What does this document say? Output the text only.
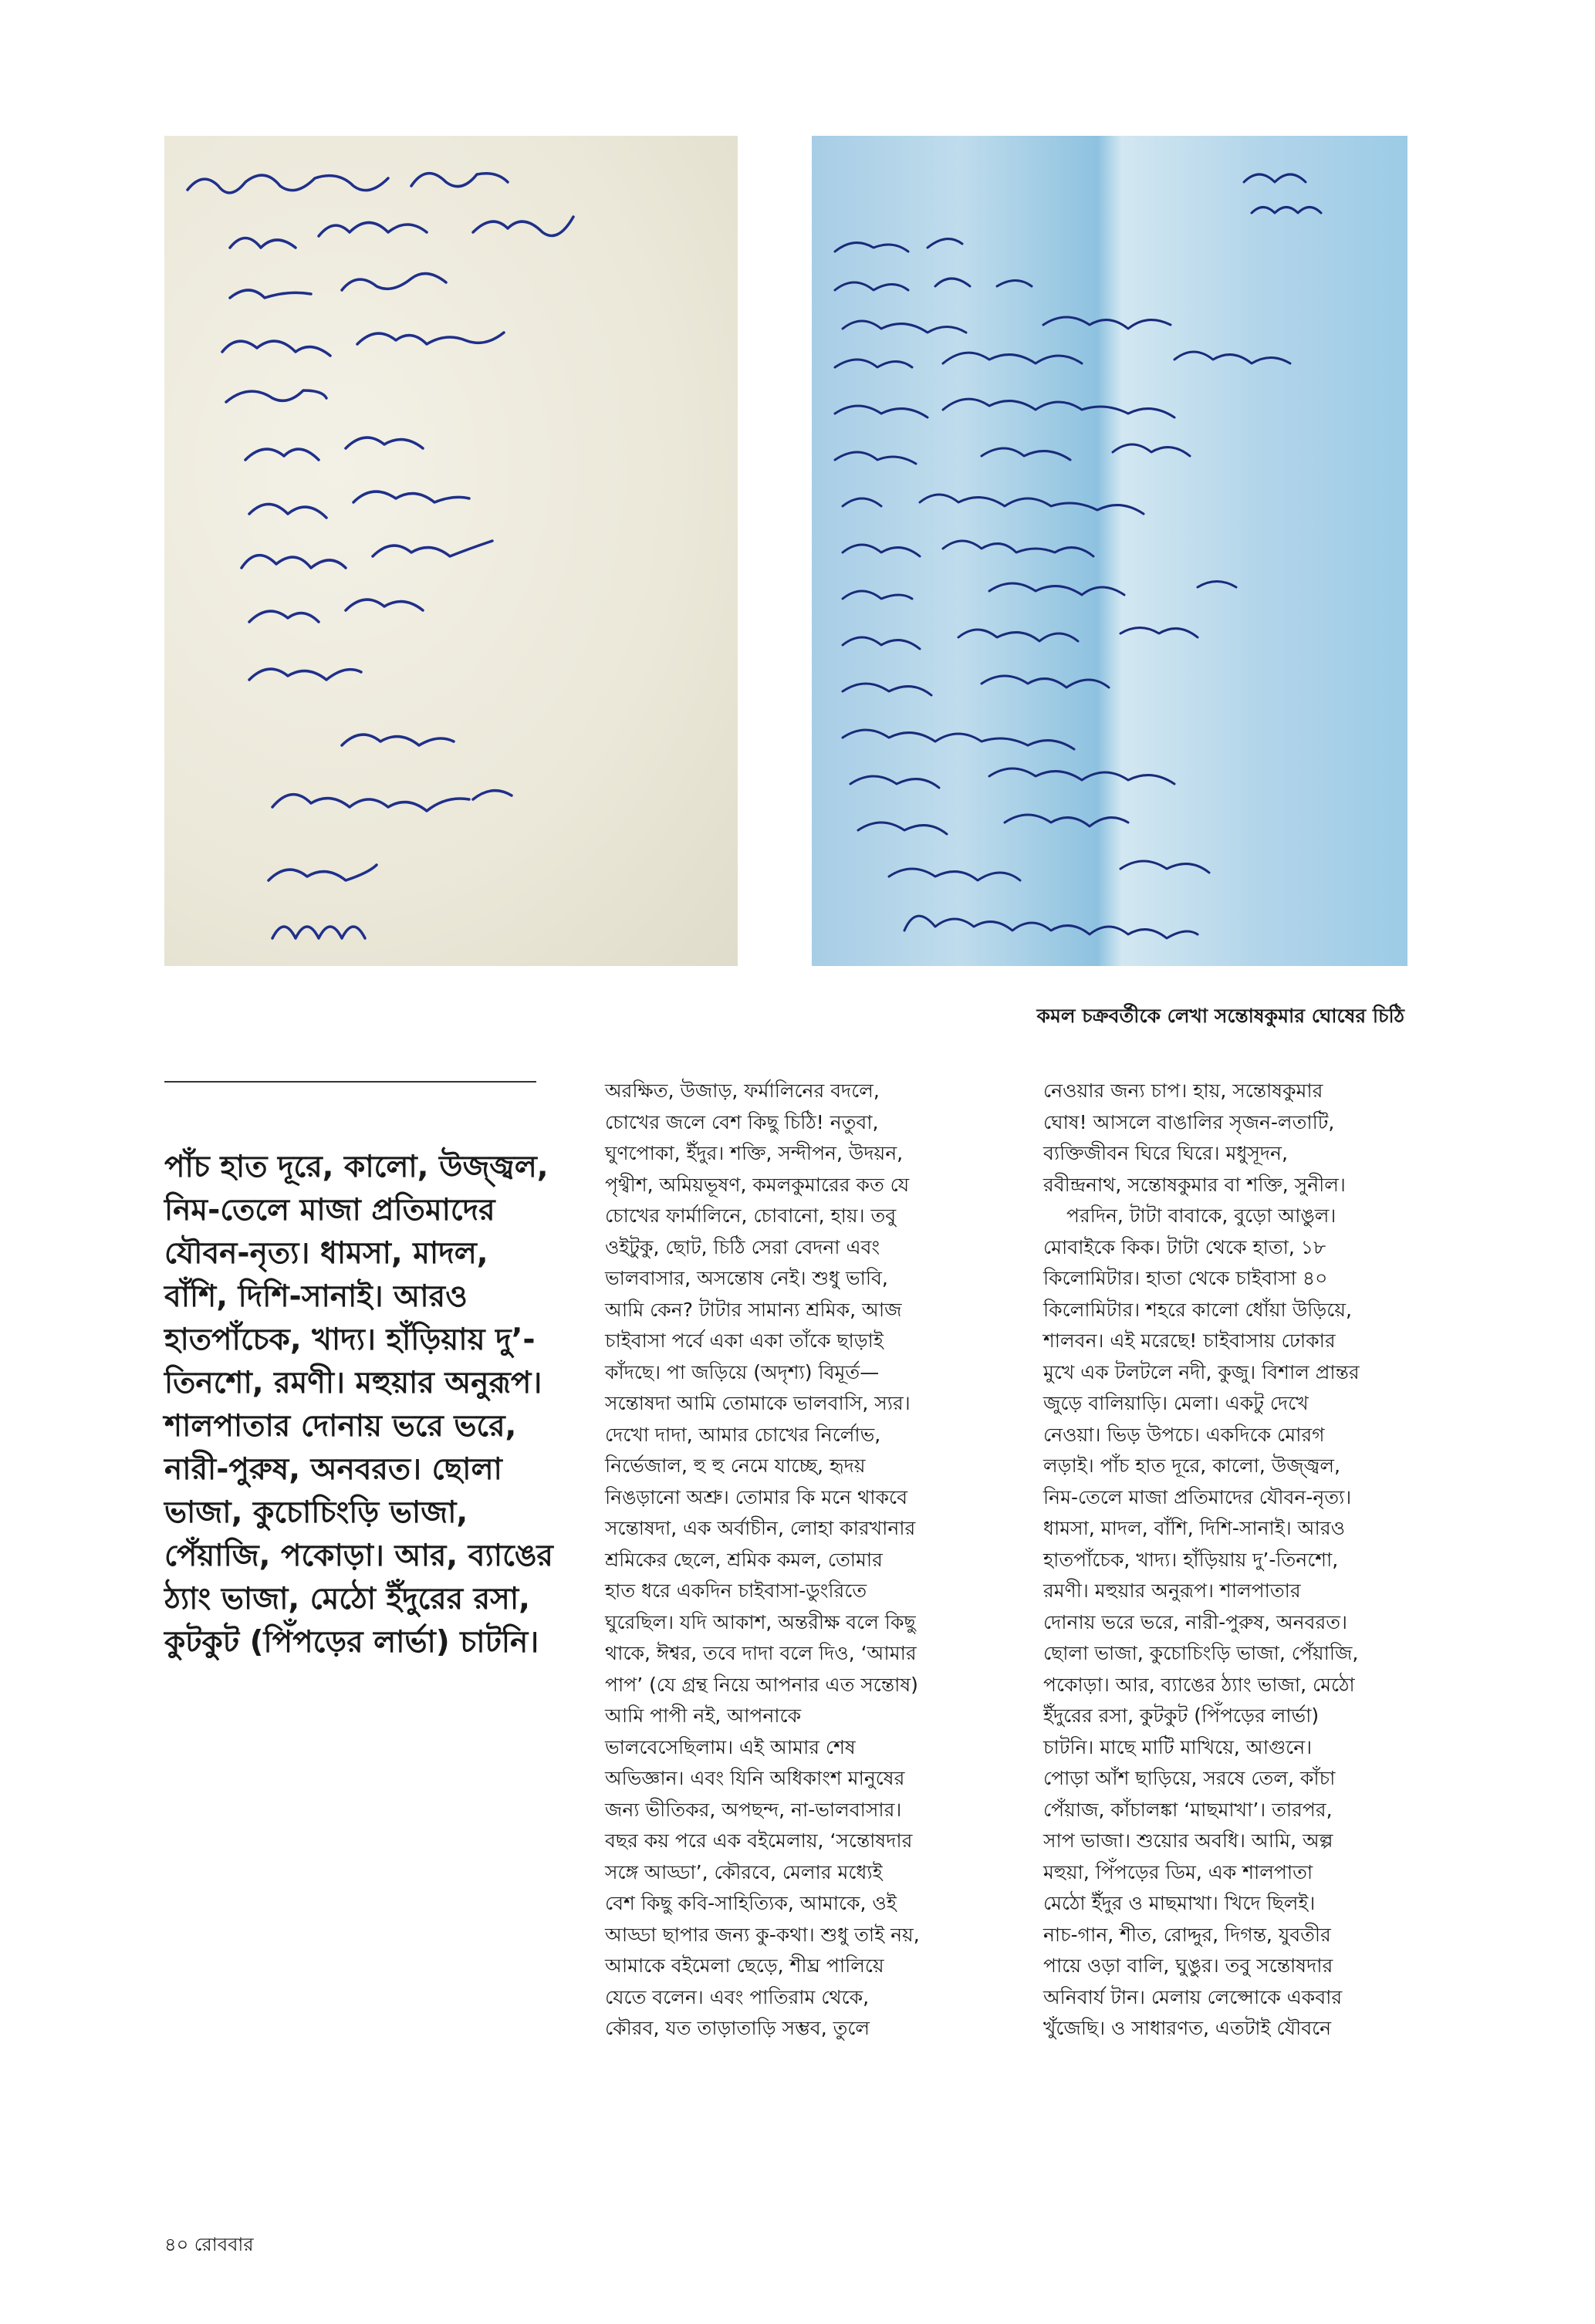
কমল চক্রবর্তীকে লেখা সন্তোষকুমার ঘোষের চিঠি
পাঁচ হাত দূরে, কালো, উজ্জ্বল, নিম-তেলে মাজা প্রতিমাদের যৌবন-নৃত্য। ধামসা, মাদল, বাঁশি, দিশি-সানাই। আরও হাতপাঁচেক, খাদ্য। হাঁড়িয়ায় দু’-তিনশো, রমণী। মহুয়ার অনুরূপ। শালপাতার দোনায় ভরে ভরে, নারী-পুরুষ, অনবরত। ছোলা ভাজা, কুচোচিংড়ি ভাজা, পেঁয়াজি, পকোড়া। আর, ব্যাঙের ঠ্যাং ভাজা, মেঠো ইঁদুরের রসা, কুটকুট (পিঁপড়ের লার্ভা) চাটনি।

অরক্ষিত, উজাড়, ফর্মালিনের বদলে,

চোখের জলে বেশ কিছু চিঠি! নতুবা,

ঘুণপোকা, ইঁদুর। শক্তি, সন্দীপন, উদয়ন,

পৃথ্বীশ, অমিয়ভূষণ, কমলকুমারের কত যে

চোখের ফার্মালিনে, চোবানো, হায়। তবু

ওইটুকু, ছোট, চিঠি সেরা বেদনা এবং

ভালবাসার, অসন্তোষ নেই। শুধু ভাবি,

আমি কেন? টাটার সামান্য শ্রমিক, আজ

চাইবাসা পর্বে একা একা তাঁকে ছাড়াই

কাঁদছে। পা জড়িয়ে (অদৃশ্য) বিমূর্ত—

সন্তোষদা আমি তোমাকে ভালবাসি, স্যর।

দেখো দাদা, আমার চোখের নির্লোভ,

নির্ভেজাল, হু হু নেমে যাচ্ছে, হৃদয়

নিঙড়ানো অশ্রু। তোমার কি মনে থাকবে

সন্তোষদা, এক অর্বাচীন, লোহা কারখানার

শ্রমিকের ছেলে, শ্রমিক কমল, তোমার

হাত ধরে একদিন চাইবাসা-ডুংরিতে

ঘুরেছিল। যদি আকাশ, অন্তরীক্ষ বলে কিছু

থাকে, ঈশ্বর, তবে দাদা বলে দিও, ‘আমার

পাপ’ (যে গ্রন্থ নিয়ে আপনার এত সন্তোষ)

আমি পাপী নই, আপনাকে

ভালবেসেছিলাম। এই আমার শেষ

অভিজ্ঞান। এবং যিনি অধিকাংশ মানুষের

জন্য ভীতিকর, অপছন্দ, না-ভালবাসার।

বছর কয় পরে এক বইমেলায়, ‘সন্তোষদার

সঙ্গে আড্ডা’, কৌরবে, মেলার মধ্যেই

বেশ কিছু কবি-সাহিত্যিক, আমাকে, ওই

আড্ডা ছাপার জন্য কু-কথা। শুধু তাই নয়,

আমাকে বইমেলা ছেড়ে, শীঘ্র পালিয়ে

যেতে বলেন। এবং পাতিরাম থেকে,

কৌরব, যত তাড়াতাড়ি সম্ভব, তুলে

নেওয়ার জন্য চাপ। হায়, সন্তোষকুমার

ঘোষ! আসলে বাঙালির সৃজন-লতাটি,

ব্যক্তিজীবন ঘিরে ঘিরে। মধুসূদন,

রবীন্দ্রনাথ, সন্তোষকুমার বা শক্তি, সুনীল।

পরদিন, টাটা বাবাকে, বুড়ো আঙুল।

মোবাইকে কিক। টাটা থেকে হাতা, ১৮

কিলোমিটার। হাতা থেকে চাইবাসা ৪০

কিলোমিটার। শহরে কালো ধোঁয়া উড়িয়ে,

শালবন। এই মরেছে! চাইবাসায় ঢোকার

মুখে এক টলটলে নদী, কুজু। বিশাল প্রান্তর

জুড়ে বালিয়াড়ি। মেলা। একটু দেখে

নেওয়া। ভিড় উপচে। একদিকে মোরগ

লড়াই। পাঁচ হাত দূরে, কালো, উজ্জ্বল,

নিম-তেলে মাজা প্রতিমাদের যৌবন-নৃত্য।

ধামসা, মাদল, বাঁশি, দিশি-সানাই। আরও

হাতপাঁচেক, খাদ্য। হাঁড়িয়ায় দু’-তিনশো,

রমণী। মহুয়ার অনুরূপ। শালপাতার

দোনায় ভরে ভরে, নারী-পুরুষ, অনবরত।

ছোলা ভাজা, কুচোচিংড়ি ভাজা, পেঁয়াজি,

পকোড়া। আর, ব্যাঙের ঠ্যাং ভাজা, মেঠো

ইঁদুরের রসা, কুটকুট (পিঁপড়ের লার্ভা)

চাটনি। মাছে মাটি মাখিয়ে, আগুনে।

পোড়া আঁশ ছাড়িয়ে, সরষে তেল, কাঁচা

পেঁয়াজ, কাঁচালঙ্কা ‘মাছমাখা’। তারপর,

সাপ ভাজা। শুয়োর অবধি। আমি, অল্প

মহুয়া, পিঁপড়ের ডিম, এক শালপাতা

মেঠো ইঁদুর ও মাছমাখা। খিদে ছিলই।

নাচ-গান, শীত, রোদ্দুর, দিগন্ত, যুবতীর

পায়ে ওড়া বালি, ঘুঙুর। তবু সন্তোষদার

অনিবার্য টান। মেলায় লেপ্সোকে একবার

খুঁজেছি। ও সাধারণত, এতটাই যৌবনে

৪০ রোববার
